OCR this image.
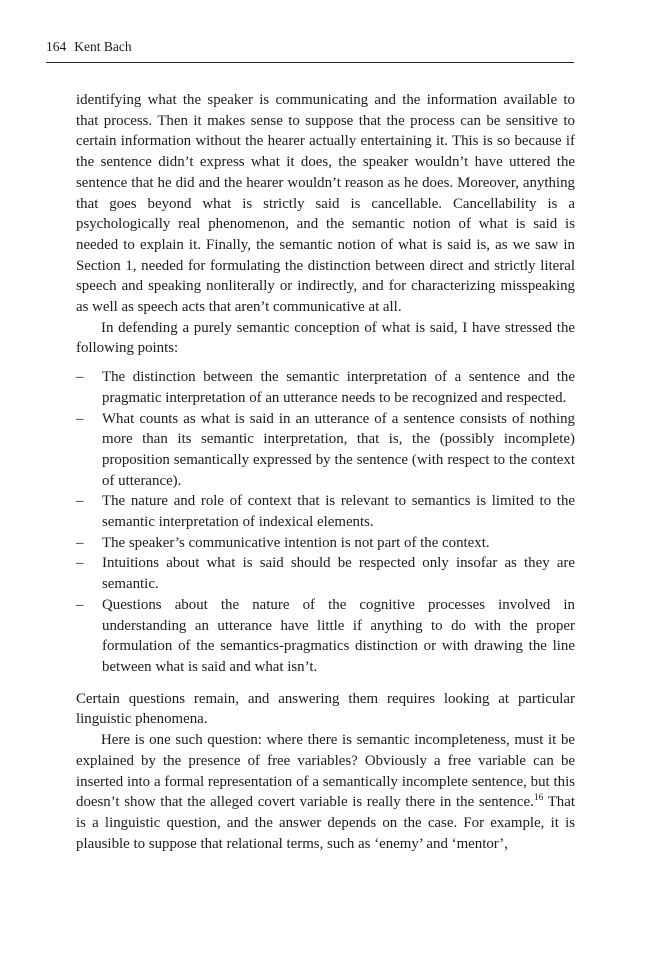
164 Kent Bach

identifying what the speaker is communicating and the information available to that process. Then it makes sense to suppose that the process can be sensitive to certain information without the hearer actually entertaining it. This is so because if the sentence didn’t express what it does, the speaker wouldn’t have uttered the sentence that he did and the hearer wouldn’t reason as he does. Moreover, anything that goes beyond what is strictly said is cancellable. Cancellability is a psychologically real phenomenon, and the semantic notion of what is said is needed to explain it. Finally, the semantic notion of what is said is, as we saw in Section 1, needed for formulating the distinction between direct and strictly literal speech and speaking nonliterally or indirectly, and for characterizing misspeaking as well as speech acts that aren’t communicative at all.

In defending a purely semantic conception of what is said, I have stressed the following points:

– The distinction between the semantic interpretation of a sentence and the pragmatic interpretation of an utterance needs to be recognized and respected.
– What counts as what is said in an utterance of a sentence consists of nothing more than its semantic interpretation, that is, the (possibly incomplete) proposition semantically expressed by the sentence (with respect to the context of utterance).
– The nature and role of context that is relevant to semantics is limited to the semantic interpretation of indexical elements.
– The speaker’s communicative intention is not part of the context.
– Intuitions about what is said should be respected only insofar as they are semantic.
– Questions about the nature of the cognitive processes involved in understanding an utterance have little if anything to do with the proper formulation of the semantics-pragmatics distinction or with drawing the line between what is said and what isn’t.

Certain questions remain, and answering them requires looking at particular linguistic phenomena.

Here is one such question: where there is semantic incompleteness, must it be explained by the presence of free variables? Obviously a free variable can be inserted into a formal representation of a semantically incomplete sentence, but this doesn’t show that the alleged covert variable is really there in the sentence.$^{16}$ That is a linguistic question, and the answer depends on the case. For example, it is plausible to suppose that relational terms, such as ‘enemy’ and ‘mentor’,
